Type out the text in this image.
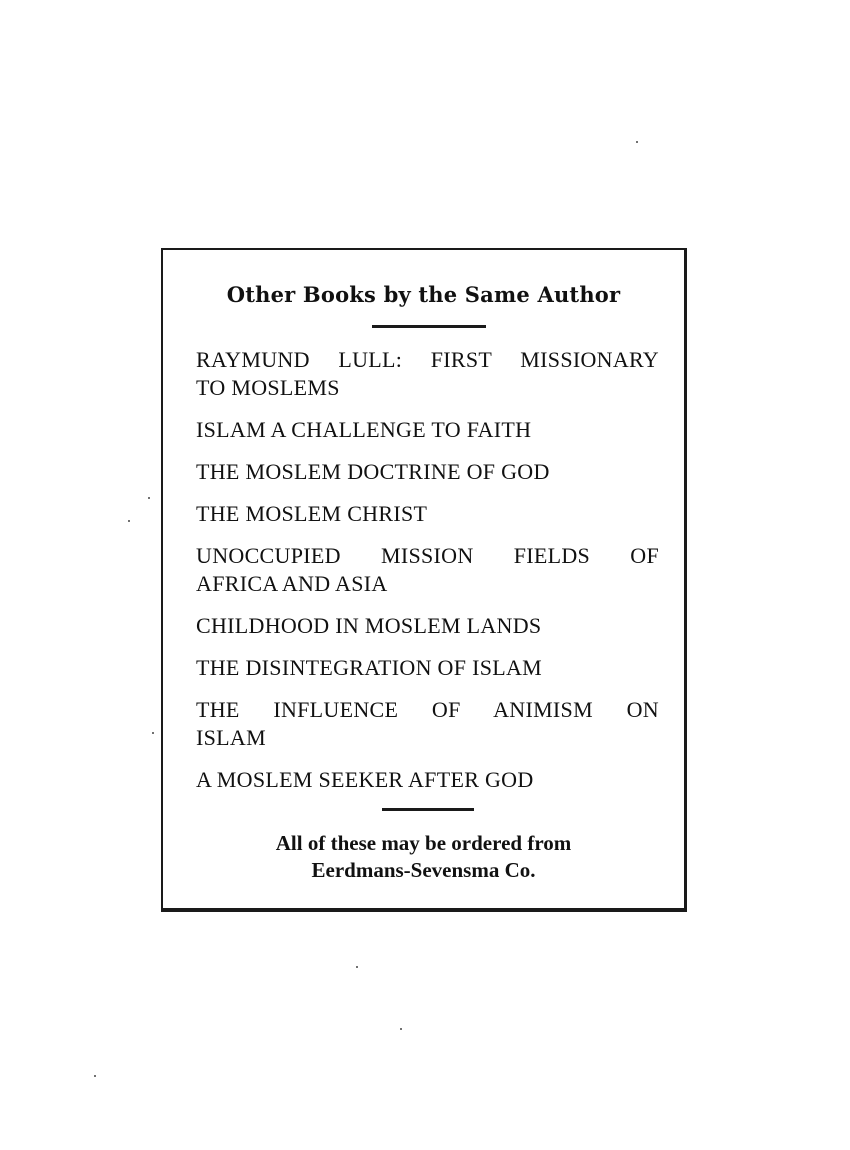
Other Books by the Same Author
RAYMUND LULL: FIRST MISSIONARY
TO MOSLEMS
ISLAM A CHALLENGE TO FAITH
THE MOSLEM DOCTRINE OF GOD
THE MOSLEM CHRIST
UNOCCUPIED MISSION FIELDS OF
AFRICA AND ASIA
CHILDHOOD IN MOSLEM LANDS
THE DISINTEGRATION OF ISLAM
THE INFLUENCE OF ANIMISM ON
ISLAM
A MOSLEM SEEKER AFTER GOD
All of these may be ordered from
Eerdmans-Sevensma Co.
